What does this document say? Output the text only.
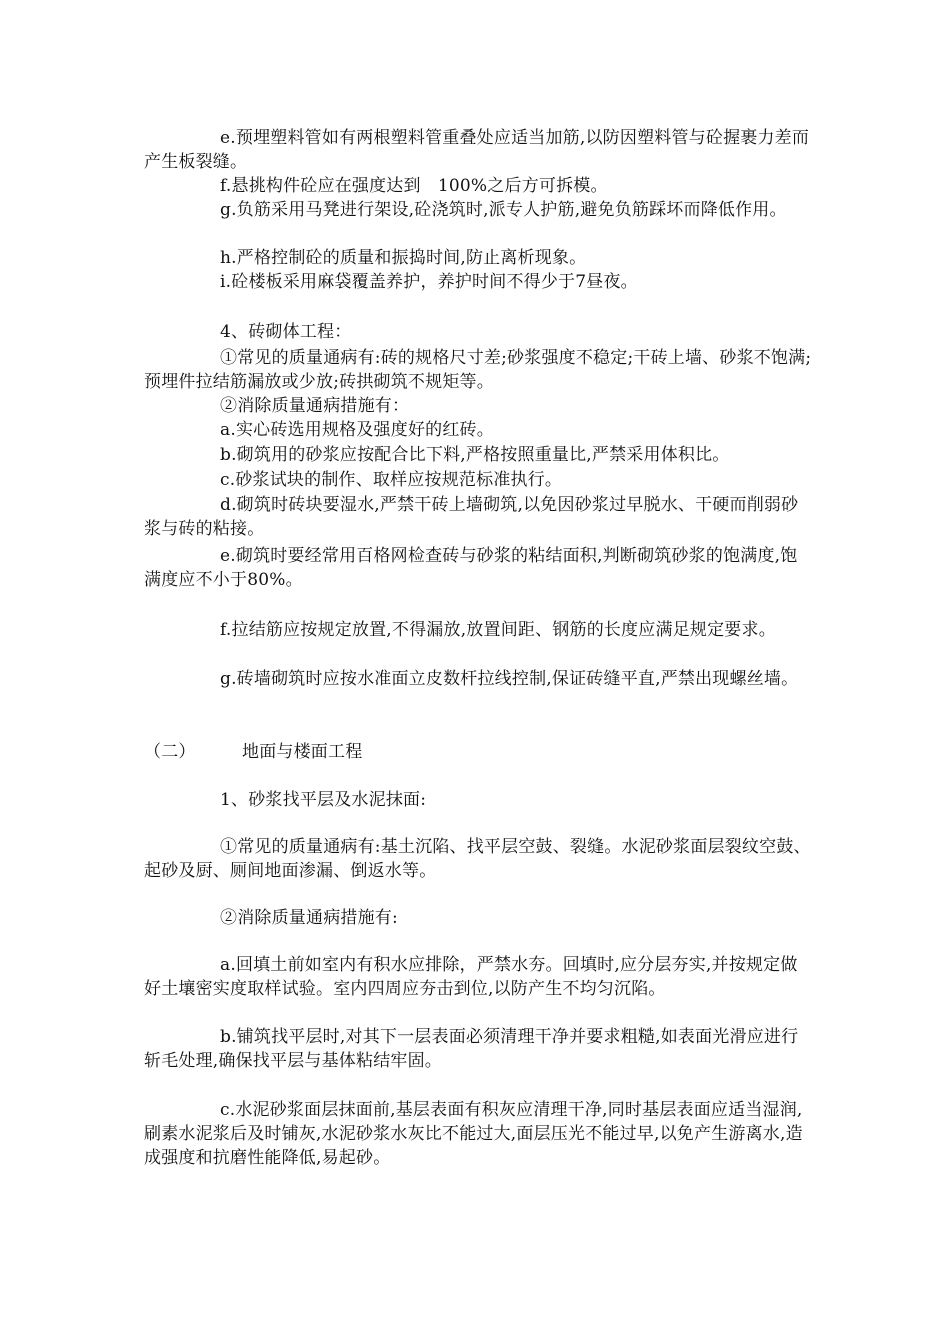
e.预埋塑料管如有两根塑料管重叠处应适当加筋,以防因塑料管与砼握裹力差而产生板裂缝。

f.悬挑构件砼应在强度达到　100%之后方可拆模。

g.负筋采用马凳进行架设,砼浇筑时,派专人护筋,避免负筋踩坏而降低作用。

h.严格控制砼的质量和振捣时间,防止离析现象。

i.砼楼板采用麻袋覆盖养护，养护时间不得少于7昼夜。

4、砖砌体工程：

①常见的质量通病有:砖的规格尺寸差;砂浆强度不稳定;干砖上墙、砂浆不饱满;预埋件拉结筋漏放或少放;砖拱砌筑不规矩等。

②消除质量通病措施有：

a.实心砖选用规格及强度好的红砖。

b.砌筑用的砂浆应按配合比下料,严格按照重量比,严禁采用体积比。

c.砂浆试块的制作、取样应按规范标准执行。

d.砌筑时砖块要湿水,严禁干砖上墙砌筑,以免因砂浆过早脱水、干硬而削弱砂浆与砖的粘接。

e.砌筑时要经常用百格网检查砖与砂浆的粘结面积,判断砌筑砂浆的饱满度,饱满度应不小于80%。

f.拉结筋应按规定放置,不得漏放,放置间距、钢筋的长度应满足规定要求。

g.砖墙砌筑时应按水准面立皮数杆拉线控制,保证砖缝平直,严禁出现螺丝墙。

（二）	地面与楼面工程

1、砂浆找平层及水泥抹面:

①常见的质量通病有:基土沉陷、找平层空鼓、裂缝。水泥砂浆面层裂纹空鼓、起砂及厨、厕间地面渗漏、倒返水等。

②消除质量通病措施有:

a.回填土前如室内有积水应排除，严禁水夯。回填时,应分层夯实,并按规定做好土壤密实度取样试验。室内四周应夯击到位,以防产生不均匀沉陷。

b.铺筑找平层时,对其下一层表面必须清理干净并要求粗糙,如表面光滑应进行斩毛处理,确保找平层与基体粘结牢固。

c.水泥砂浆面层抹面前,基层表面有积灰应清理干净,同时基层表面应适当湿润,刷素水泥浆后及时铺灰,水泥砂浆水灰比不能过大,面层压光不能过早,以免产生游离水,造成强度和抗磨性能降低,易起砂。
